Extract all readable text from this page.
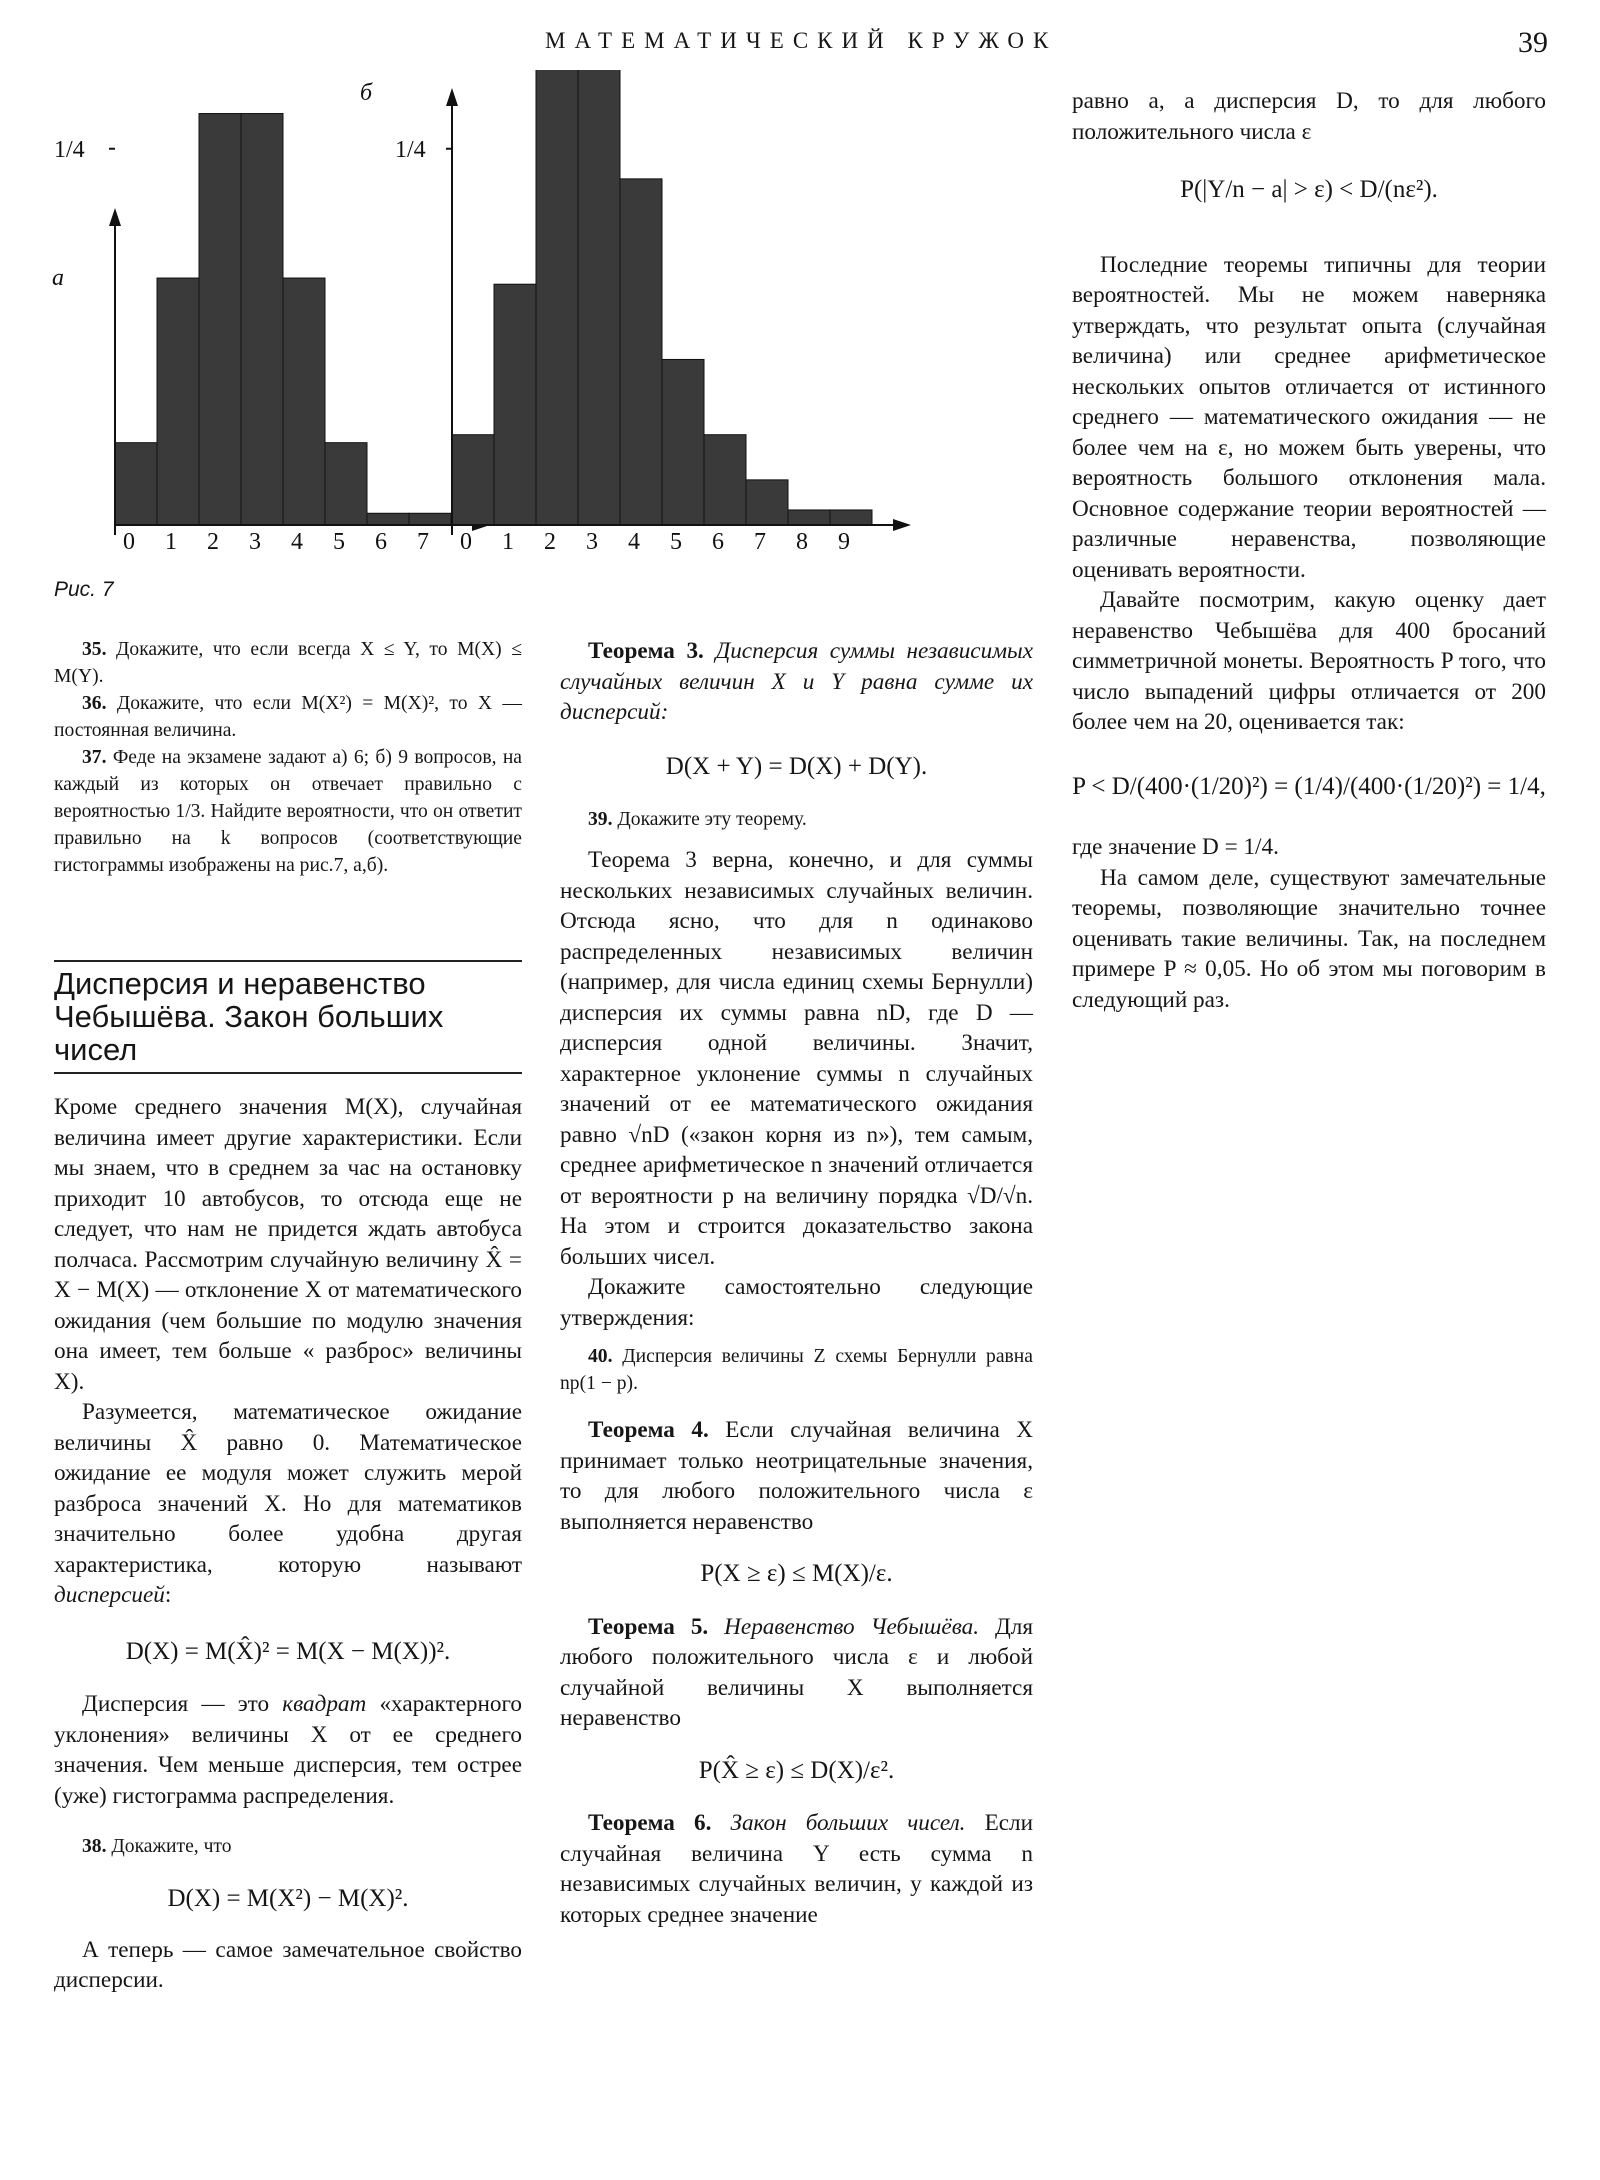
МАТЕМАТИЧЕСКИЙ КРУЖОК	39
0 1 2 3 4 5 6 7
1/4
а
0 1 2 3 4 5 6 7 8 9
1/4
б
Рис. 7

35. Докажите, что если всегда X ≤ Y, то M(X) ≤ M(Y).

36. Докажите, что если M(X²) = M(X)², то X — постоянная величина.

37. Феде на экзамене задают а) 6; б) 9 вопросов, на каждый из которых он отвечает правильно с вероятностью 1/3. Найдите вероятности, что он ответит правильно на k вопросов (соответствующие гистограммы изображены на рис.7, а,б).

Дисперсия и неравенство Чебышёва. Закон больших чисел

Кроме среднего значения M(X), случайная величина имеет другие характеристики. Если мы знаем, что в среднем за час на остановку приходит 10 автобусов, то отсюда еще не следует, что нам не придется ждать автобуса полчаса. Рассмотрим случайную величину X̂ = X − M(X) — отклонение X от математического ожидания (чем большие по модулю значения она имеет, тем больше « разброс» величины X).

Разумеется, математическое ожидание величины X̂ равно 0. Математическое ожидание ее модуля может служить мерой разброса значений X. Но для математиков значительно более удобна другая характеристика, которую называют дисперсией:

D(X) = M(X̂)² = M(X − M(X))².

Дисперсия — это квадрат «характерного уклонения» величины X от ее среднего значения. Чем меньше дисперсия, тем острее (уже) гистограмма распределения.

38. Докажите, что

D(X) = M(X²) − M(X)².

А теперь — самое замечательное свойство дисперсии.

Теорема 3. Дисперсия суммы независимых случайных величин X и Y равна сумме их дисперсий:

D(X + Y) = D(X) + D(Y).

39. Докажите эту теорему.

Теорема 3 верна, конечно, и для суммы нескольких независимых случайных величин. Отсюда ясно, что для n одинаково распределенных независимых величин (например, для числа единиц схемы Бернулли) дисперсия их суммы равна nD, где D — дисперсия одной величины. Значит, характерное уклонение суммы n случайных значений от ее математического ожидания равно √nD («закон корня из n»), тем самым, среднее арифметическое n значений отличается от вероятности p на величину порядка √D/√n. На этом и строится доказательство закона больших чисел.

Докажите самостоятельно следующие утверждения:

40. Дисперсия величины Z схемы Бернулли равна np(1 − p).

Теорема 4. Если случайная величина X принимает только неотрицательные значения, то для любого положительного числа ε выполняется неравенство

P(X ≥ ε) ≤ M(X)/ε.

Теорема 5. Неравенство Чебышёва. Для любого положительного числа ε и любой случайной величины X выполняется неравенство

P(X̂ ≥ ε) ≤ D(X)/ε².

Теорема 6. Закон больших чисел. Если случайная величина Y есть сумма n независимых случайных величин, у каждой из которых среднее значение

равно a, а дисперсия D, то для любого положительного числа ε

P(|Y/n − a| > ε) < D/(nε²).

Последние теоремы типичны для теории вероятностей. Мы не можем наверняка утверждать, что результат опыта (случайная величина) или среднее арифметическое нескольких опытов отличается от истинного среднего — математического ожидания — не более чем на ε, но можем быть уверены, что вероятность большого отклонения мала. Основное содержание теории вероятностей — различные неравенства, позволяющие оценивать вероятности.

Давайте посмотрим, какую оценку дает неравенство Чебышёва для 400 бросаний симметричной монеты. Вероятность P того, что число выпадений цифры отличается от 200 более чем на 20, оценивается так:

P < D/(400·(1/20)²) = (1/4)/(400·(1/20)²) = 1/4,

где значение D = 1/4.

На самом деле, существуют замечательные теоремы, позволяющие значительно точнее оценивать такие величины. Так, на последнем примере P ≈ 0,05. Но об этом мы поговорим в следующий раз.
